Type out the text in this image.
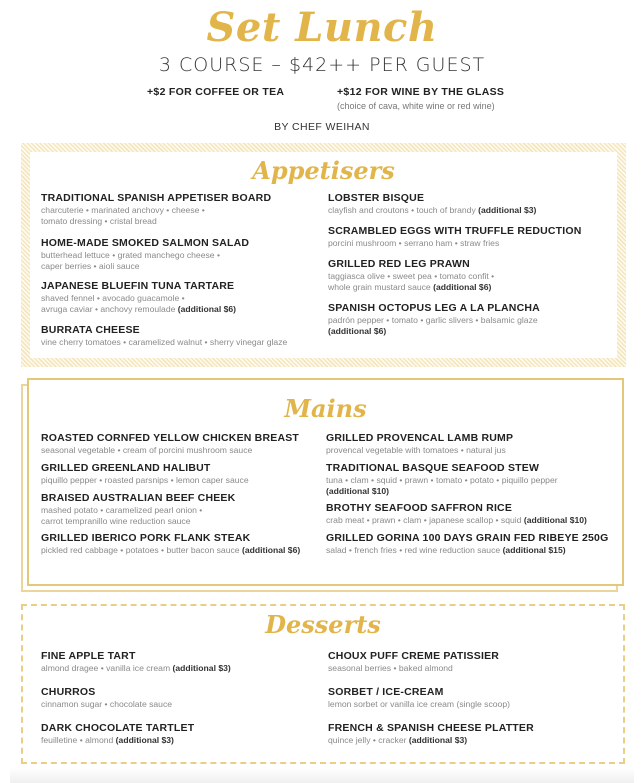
Set Lunch
3 COURSE – $42++ PER GUEST
+$2 FOR COFFEE OR TEA	+$12 FOR WINE BY THE GLASS
(choice of cava, white wine or red wine)
BY CHEF WEIHAN
Appetisers
TRADITIONAL SPANISH APPETISER BOARD
charcuterie • marinated anchovy • cheese •
tomato dressing • cristal bread
HOME-MADE SMOKED SALMON SALAD
butterhead lettuce • grated manchego cheese •
caper berries • aioli sauce
JAPANESE BLUEFIN TUNA TARTARE
shaved fennel • avocado guacamole •
avruga caviar • anchovy remoulade (additional $6)
BURRATA CHEESE
vine cherry tomatoes • caramelized walnut • sherry vinegar glaze
LOBSTER BISQUE
clayfish and croutons • touch of brandy (additional $3)
SCRAMBLED EGGS WITH TRUFFLE REDUCTION
porcini mushroom • serrano ham • straw fries
GRILLED RED LEG PRAWN
taggiasca olive • sweet pea • tomato confit •
whole grain mustard sauce (additional $6)
SPANISH OCTOPUS LEG A LA PLANCHA
padrón pepper • tomato • garlic slivers • balsamic glaze
(additional $6)
Mains
ROASTED CORNFED YELLOW CHICKEN BREAST
seasonal vegetable • cream of porcini mushroom sauce
GRILLED GREENLAND HALIBUT
piquillo pepper • roasted parsnips • lemon caper sauce
BRAISED AUSTRALIAN BEEF CHEEK
mashed potato • caramelized pearl onion •
carrot tempranillo wine reduction sauce
GRILLED IBERICO PORK FLANK STEAK
pickled red cabbage • potatoes • butter bacon sauce (additional $6)
GRILLED PROVENCAL LAMB RUMP
provencal vegetable with tomatoes • natural jus
TRADITIONAL BASQUE SEAFOOD STEW
tuna • clam • squid • prawn • tomato • potato • piquillo pepper
(additional $10)
BROTHY SEAFOOD SAFFRON RICE
crab meat • prawn • clam • japanese scallop • squid (additional $10)
GRILLED GORINA 100 DAYS GRAIN FED RIBEYE 250G
salad • french fries • red wine reduction sauce (additional $15)
Desserts
FINE APPLE TART
almond dragee • vanilla ice cream (additional $3)
CHURROS
cinnamon sugar • chocolate sauce
DARK CHOCOLATE TARTLET
feuilletine • almond (additional $3)
CHOUX PUFF CREME PATISSIER
seasonal berries • baked almond
SORBET / ICE-CREAM
lemon sorbet or vanilla ice cream (single scoop)
FRENCH & SPANISH CHEESE PLATTER
quince jelly • cracker (additional $3)
